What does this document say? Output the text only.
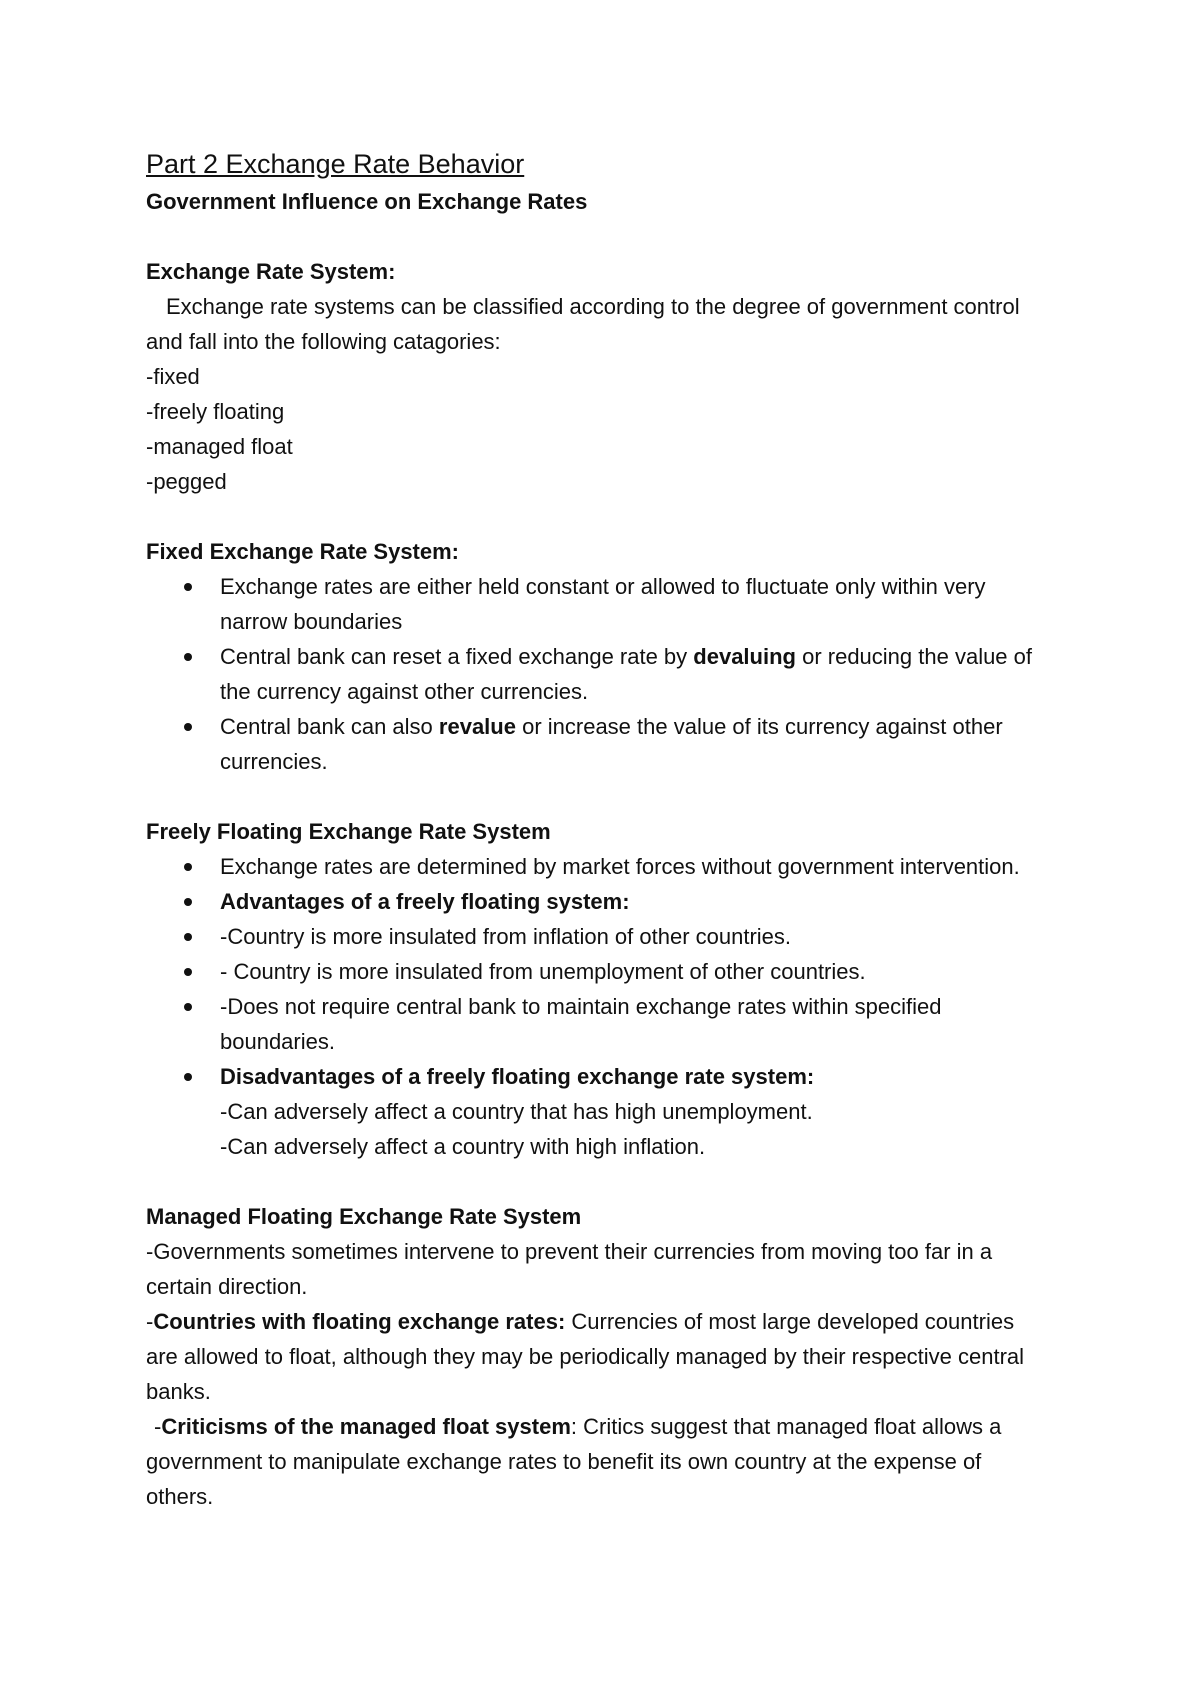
Part 2 Exchange Rate Behavior
Government Influence on Exchange Rates
Exchange Rate System:

Exchange rate systems can be classified according to the degree of government control and fall into the following catagories:

-fixed

-freely floating

-managed float

-pegged

Fixed Exchange Rate System:
Exchange rates are either held constant or allowed to fluctuate only within very narrow boundaries
Central bank can reset a fixed exchange rate by devaluing or reducing the value of the currency against other currencies.
Central bank can also revalue or increase the value of its currency against other currencies.
Freely Floating Exchange Rate System
Exchange rates are determined by market forces without government intervention.
Advantages of a freely floating system:
-Country is more insulated from inflation of other countries.
- Country is more insulated from unemployment of other countries.
-Does not require central bank to maintain exchange rates within specified boundaries.
Disadvantages of a freely floating exchange rate system:
-Can adversely affect a country that has high unemployment.
-Can adversely affect a country with high inflation.
Managed Floating Exchange Rate System

-Governments sometimes intervene to prevent their currencies from moving too far in a certain direction.

-Countries with floating exchange rates: Currencies of most large developed countries are allowed to float, although they may be periodically managed by their respective central banks.

-Criticisms of the managed float system: Critics suggest that managed float allows a government to manipulate exchange rates to benefit its own country at the expense of others.
